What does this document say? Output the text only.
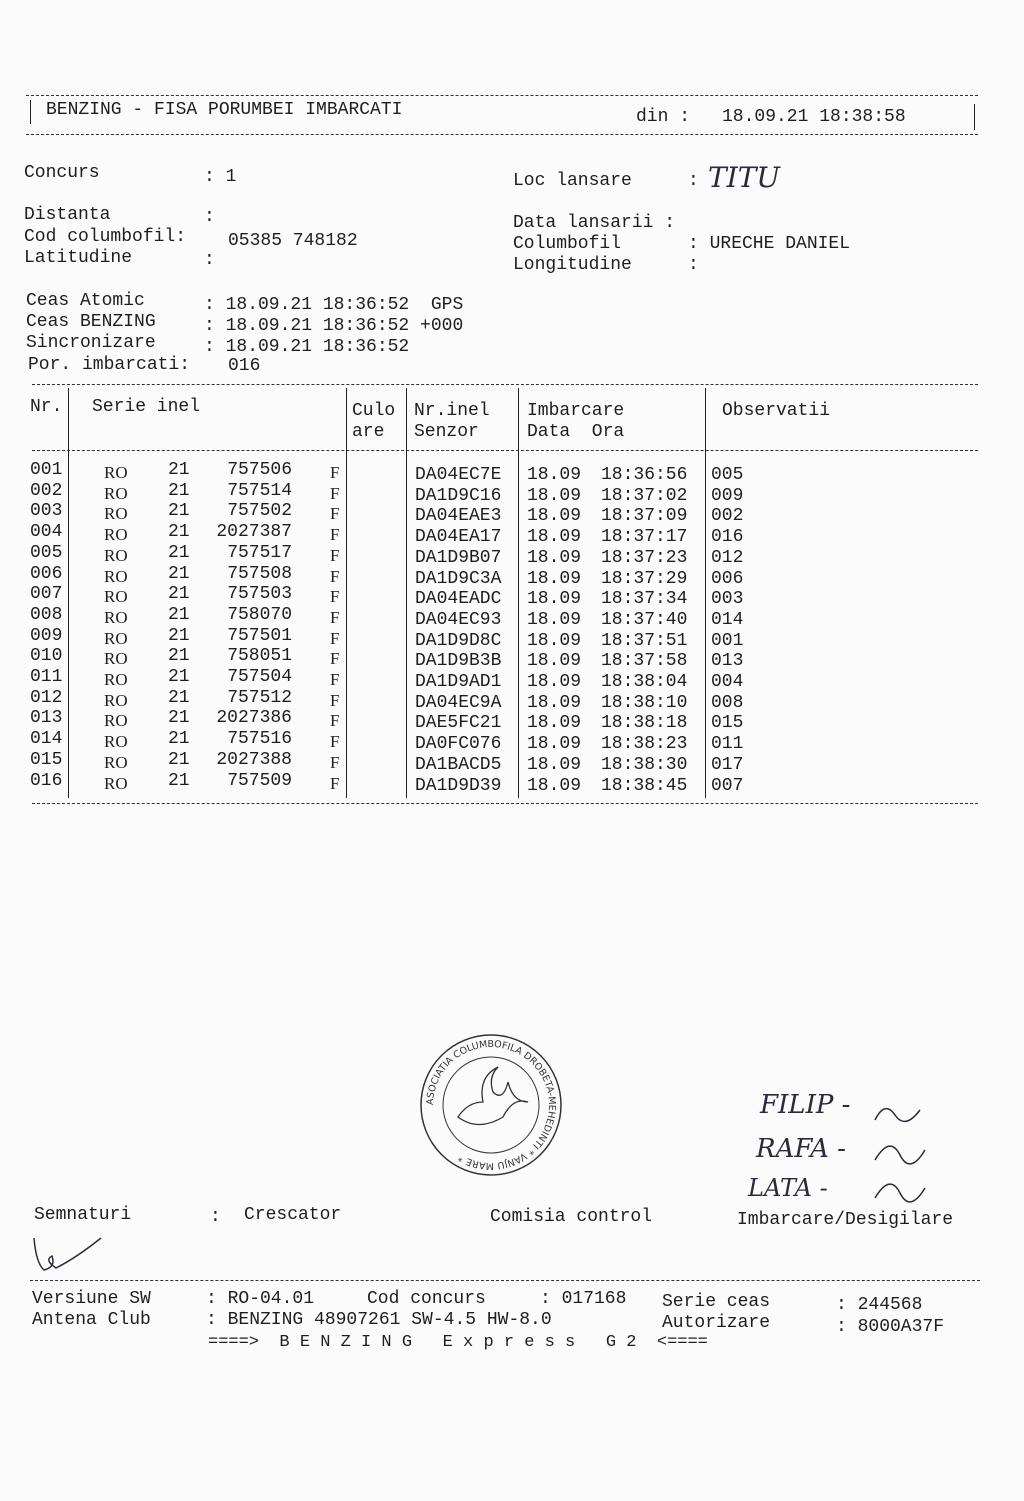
BENZING - FISA PORUMBEI IMBARCATI	din : 18.09.21 18:38:58
Concurs	: 1	Loc lansare	: TITU
Distanta	:
Cod columbofil: 05385 748182
Latitudine	:
Data lansarii :
Columbofil	: URECHE DANIEL
Longitudine	:
Ceas Atomic	: 18.09.21 18:36:52  GPS
Ceas BENZING	: 18.09.21 18:36:52 +000
Sincronizare	: 18.09.21 18:36:52
Por. imbarcati: 016
Nr. Serie inel	Culo
are
Nr.inel
Senzor
Imbarcare
Data  Ora
Observatii
001 RO 21 757506 F	DA04EC7E 18.09 18:36:56 005
002 RO 21 757514 F	DA1D9C16 18.09 18:37:02 009
003 RO 21 757502 F	DA04EAE3 18.09 18:37:09 002
004 RO 21 2027387 F	DA04EA17 18.09 18:37:17 016
005 RO 21 757517 F	DA1D9B07 18.09 18:37:23 012
006 RO 21 757508 F	DA1D9C3A 18.09 18:37:29 006
007 RO 21 757503 F	DA04EADC 18.09 18:37:34 003
008 RO 21 758070 F	DA04EC93 18.09 18:37:40 014
009 RO 21 757501 F	DA1D9D8C 18.09 18:37:51 001
010 RO 21 758051 F	DA1D9B3B 18.09 18:37:58 013
011 RO 21 757504 F	DA1D9AD1 18.09 18:38:04 004
012 RO 21 757512 F	DA04EC9A 18.09 18:38:10 008
013 RO 21 2027386 F	DAE5FC21 18.09 18:38:18 015
014 RO 21 757516 F	DA0FC076 18.09 18:38:23 011
015 RO 21 2027388 F	DA1BACD5 18.09 18:38:30 017
016 RO 21 757509 F	DA1D9D39 18.09 18:38:45 007
ASOCIATIA COLUMBOFILA DROBETA-MEHEDINTI * VANJU MARE *
FILIP -
RAFA -
LATA -
Semnaturi	: Crescator	Comisia control	Imbarcare/Desigilare
Versiune SW	: RO-04.01	Cod concurs	: 017168 Serie ceas	: 244568
Antena Club	: BENZING 48907261 SW-4.5 HW-8.0	Autorizare	: 8000A37F
====>  B E N Z I N G   E x p r e s s   G 2  <====
